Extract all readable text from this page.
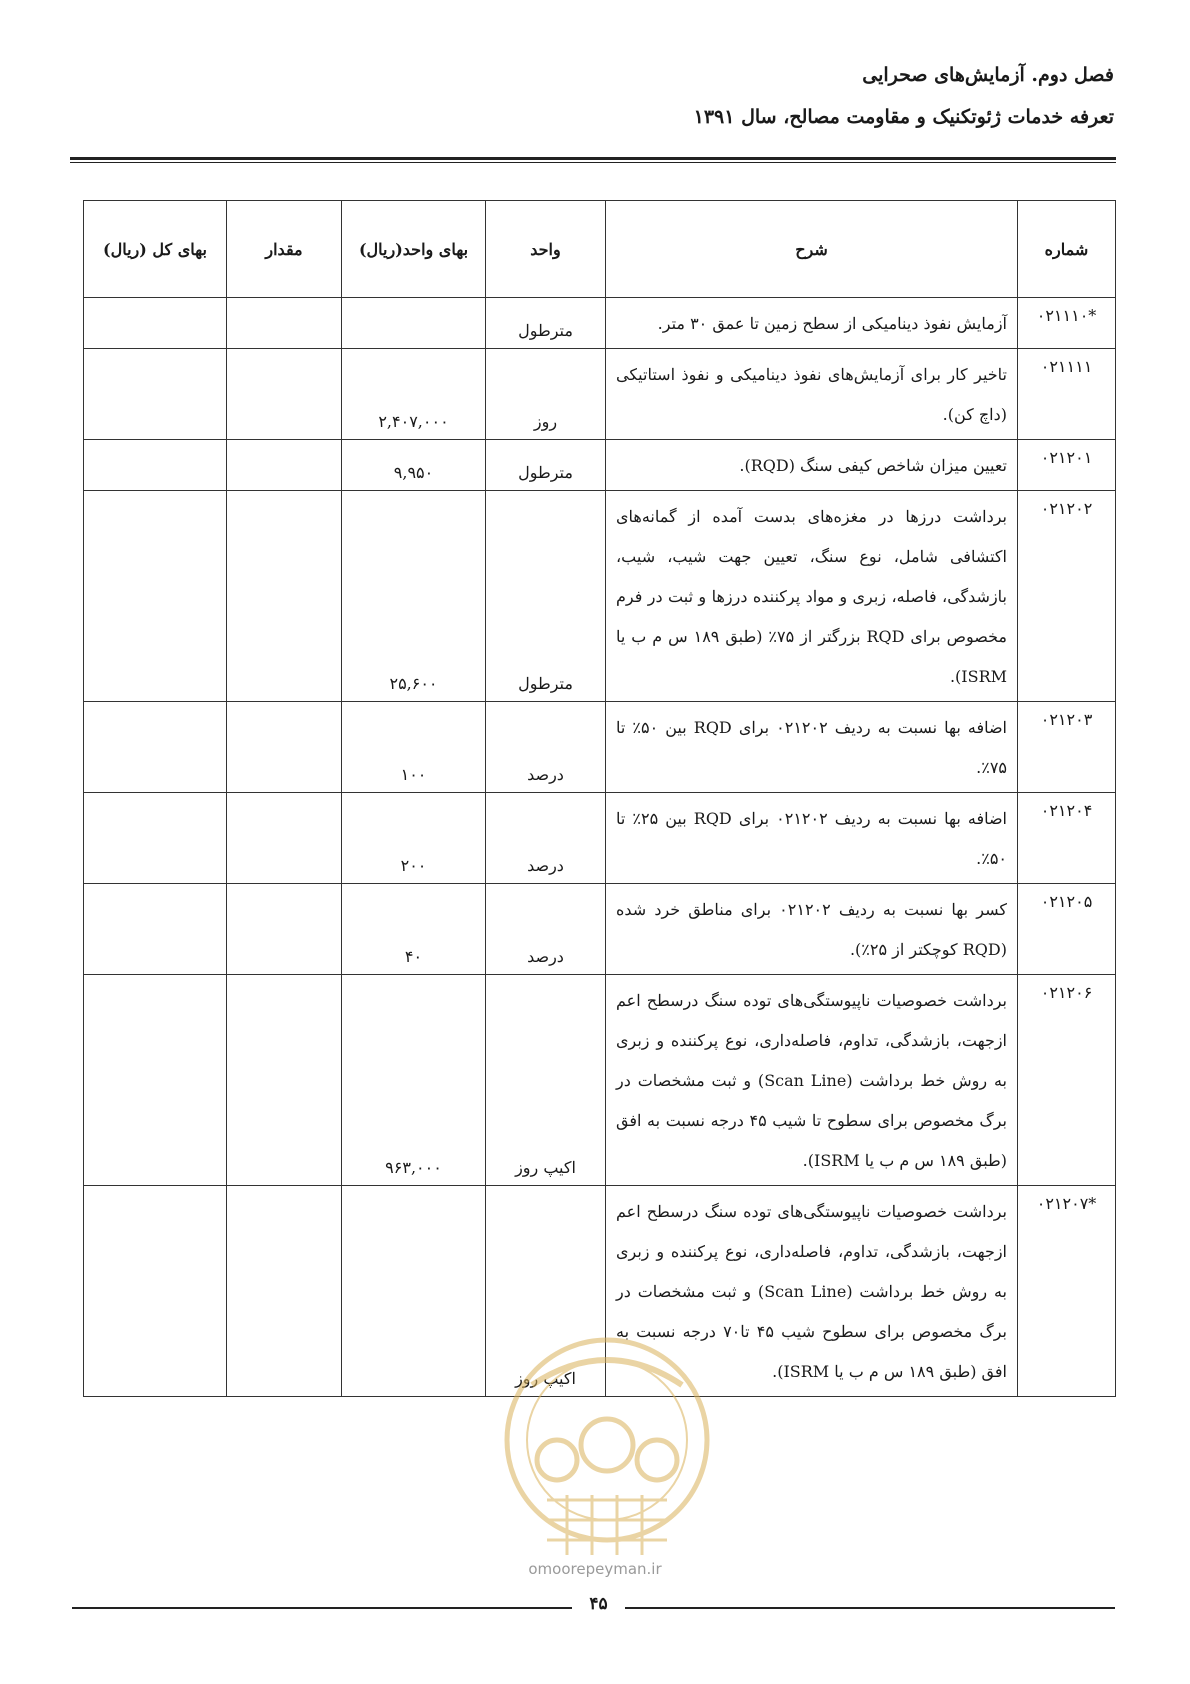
فصل دوم. آزمایش‌های صحرایی
تعرفه خدمات ژئوتکنیک و مقاومت مصالح، سال ۱۳۹۱
شماره	شرح	واحد	بهای واحد(ریال)	مقدار	بهای کل (ریال)
*۰۲۱۱۱۰	آزمایش نفوذ دینامیکی از سطح زمین تا عمق ۳۰ متر.	مترطول			
۰۲۱۱۱۱	تاخیر کار برای آزمایش‌های نفوذ دینامیکی و نفوذ استاتیکی (داچ کن).	روز	۲,۴۰۷,۰۰۰		
۰۲۱۲۰۱	تعیین میزان شاخص کیفی سنگ (RQD).	مترطول	۹,۹۵۰		
۰۲۱۲۰۲	برداشت درزها در مغزه‌های بدست آمده از گمانه‌های اکتشافی شامل، نوع سنگ، تعیین جهت شیب، شیب، بازشدگی، فاصله، زبری و مواد پرکننده درزها و ثبت در فرم مخصوص برای RQD بزرگتر از ۷۵٪ (طبق ۱۸۹ س م ب یا ISRM).	مترطول	۲۵,۶۰۰		
۰۲۱۲۰۳	اضافه بها نسبت به ردیف ۰۲۱۲۰۲ برای RQD بین ۵۰٪ تا ۷۵٪.	درصد	۱۰۰		
۰۲۱۲۰۴	اضافه بها نسبت به ردیف ۰۲۱۲۰۲ برای RQD بین ۲۵٪ تا ۵۰٪.	درصد	۲۰۰		
۰۲۱۲۰۵	کسر بها نسبت به ردیف ۰۲۱۲۰۲ برای مناطق خرد شده (RQD کوچکتر از ۲۵٪).	درصد	۴۰		
۰۲۱۲۰۶	برداشت خصوصیات ناپیوستگی‌های توده سنگ درسطح اعم ازجهت، بازشدگی، تداوم، فاصله‌داری، نوع پرکننده و زبری به روش خط برداشت (Scan Line) و ثبت مشخصات در برگ مخصوص برای سطوح تا شیب ۴۵ درجه نسبت به افق (طبق ۱۸۹ س م ب یا ISRM).	اکیپ روز	۹۶۳,۰۰۰		
*۰۲۱۲۰۷	برداشت خصوصیات ناپیوستگی‌های توده سنگ درسطح اعم ازجهت، بازشدگی، تداوم، فاصله‌داری، نوع پرکننده و زبری به روش خط برداشت (Scan Line) و ثبت مشخصات در برگ مخصوص برای سطوح شیب ۴۵ تا۷۰ درجه نسبت به افق (طبق ۱۸۹ س م ب یا ISRM).	اکیپ روز			
omoorepeyman.ir
۴۵
